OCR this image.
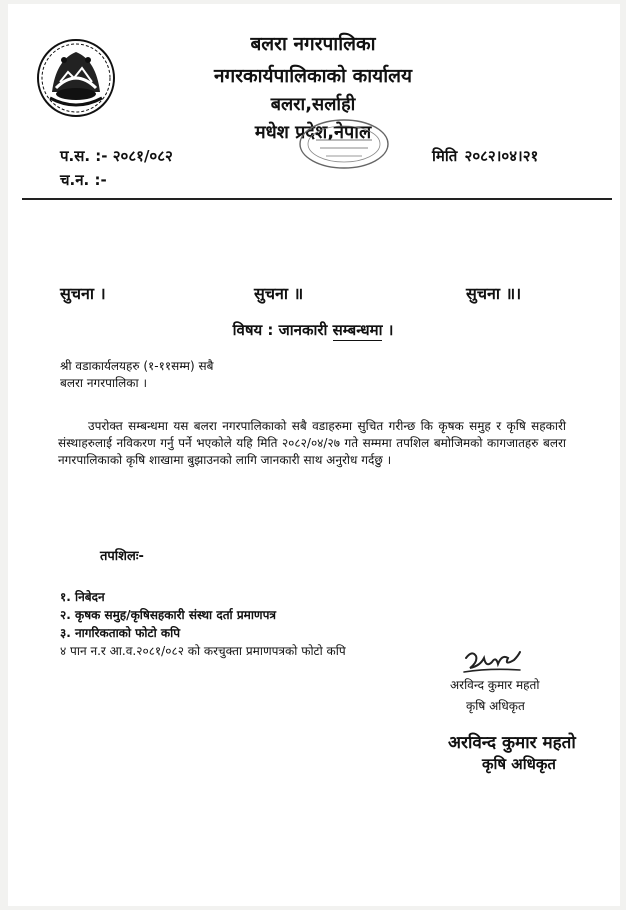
बलरा नगरपालिका
नगरकार्यपालिकाको कार्यालय
बलरा,सर्लाही
मधेश प्रदेश,नेपाल
प.स. :- २०८१/०८२
च.न. :-
मिति २०८२।०४।२१
सुचना ।	सुचना ॥	सुचना ॥।
विषय : जानकारी सम्बन्धमा ।
श्री वडाकार्यलयहरु (१-११सम्म) सबै
बलरा नगरपालिका ।
उपरोक्त सम्बन्धमा यस बलरा नगरपालिकाको सबै वडाहरुमा सुचित गरीन्छ कि कृषक समुह र कृषि सहकारी संस्थाहरुलाई नविकरण गर्नु पर्ने भएकोले यहि मिति २०८२/०४/२७ गते सम्ममा तपशिल बमोजिमको कागजातहरु बलरा नगरपालिकाको कृषि शाखामा बुझाउनको लागि जानकारी साथ अनुरोध गर्दछु ।
तपशिलः-
१. निबेदन
२. कृषक समुह/कृषिसहकारी संस्था दर्ता प्रमाणपत्र
३. नागरिकताको फोटो कपि
४ पान न.र आ.व.२०८१/०८२ को करचुक्ता प्रमाणपत्रको फोटो कपि
अरविन्द कुमार महतो
कृषि अधिकृत
अरविन्द कुमार महतो
कृषि अधिकृत
